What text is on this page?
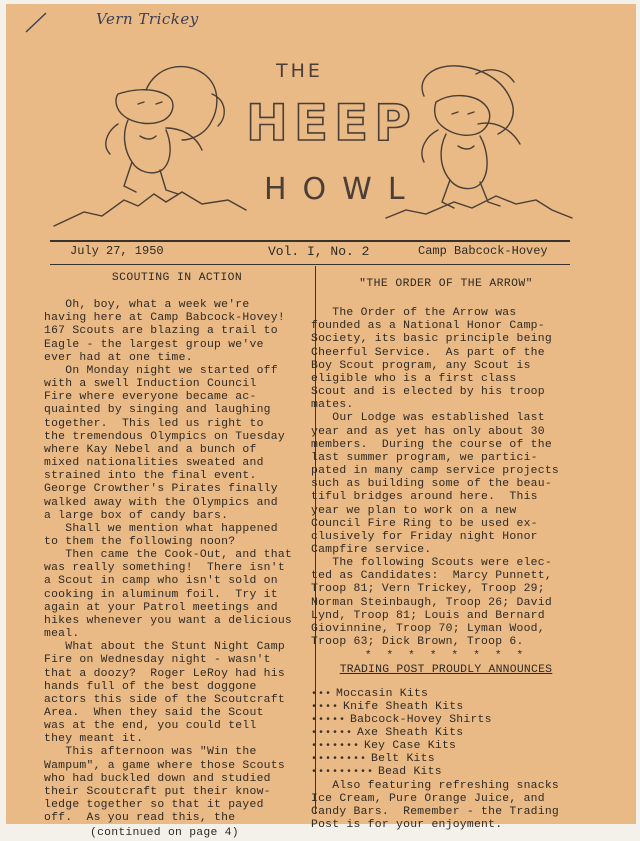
Vern Trickey
THE
HEEP
HOWL
July 27, 1950	Vol. I, No. 2	Camp Babcock-Hovey
SCOUTING IN ACTION

Oh, boy, what a week we're
having here at Camp Babcock-Hovey!
167 Scouts are blazing a trail to
Eagle - the largest group we've
ever had at one time.

On Monday night we started off
with a swell Induction Council
Fire where everyone became ac-
quainted by singing and laughing
together.  This led us right to
the tremendous Olympics on Tuesday
where Kay Nebel and a bunch of
mixed nationalities sweated and
strained into the final event.
George Crowther's Pirates finally
walked away with the Olympics and
a large box of candy bars.

Shall we mention what happened
to them the following noon?

Then came the Cook-Out, and that
was really something!  There isn't
a Scout in camp who isn't sold on
cooking in aluminum foil.  Try it
again at your Patrol meetings and
hikes whenever you want a delicious
meal.

What about the Stunt Night Camp
Fire on Wednesday night - wasn't
that a doozy?  Roger LeRoy had his
hands full of the best doggone
actors this side of the Scoutcraft
Area.  When they said the Scout
was at the end, you could tell
they meant it.

This afternoon was "Win the
Wampum", a game where those Scouts
who had buckled down and studied
their Scoutcraft put their know-
ledge together so that it payed
off.  As you read this, the

(continued on page 4)
"THE ORDER OF THE ARROW"

The Order of the Arrow was
founded as a National Honor Camp-
Society, its basic principle being
Cheerful Service.  As part of the
Boy Scout program, any Scout is
eligible who is a first class
Scout and is elected by his troop
mates.

Our Lodge was established last
year and as yet has only about 30
members.  During the course of the
last summer program, we partici-
pated in many camp service projects
such as building some of the beau-
tiful bridges around here.  This
year we plan to work on a new
Council Fire Ring to be used ex-
clusively for Friday night Honor
Campfire service.

The following Scouts were elec-
ted as Candidates:  Marcy Punnett,
Troop 81; Vern Trickey, Troop 29;
Norman Steinbaugh, Troop 26; David
Lynd, Troop 81; Louis and Bernard
Giovinnine, Troop 70; Lyman Wood,
Troop 63; Dick Brown, Troop 6.

* * * * * * * *
TRADING POST PROUDLY ANNOUNCES
••• Moccasin Kits
•••• Knife Sheath Kits
••••• Babcock-Hovey Shirts
•••••• Axe Sheath Kits
••••••• Key Case Kits
•••••••• Belt Kits
••••••••• Bead Kits

Also featuring refreshing snacks
Ice Cream, Pure Orange Juice, and
Candy Bars.  Remember - the Trading
Post is for your enjoyment.
